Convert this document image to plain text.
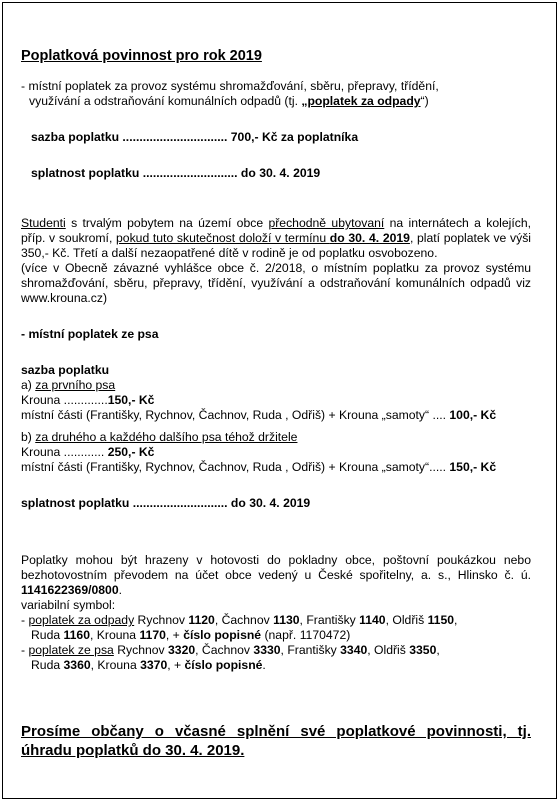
Poplatková povinnost pro rok 2019
- místní poplatek za provoz systému shromažďování, sběru, přepravy, třídění,
využívání a odstraňování komunálních odpadů (tj. „poplatek za odpady“)
sazba poplatku ............................... 700,- Kč za poplatníka
splatnost poplatku ............................ do 30. 4. 2019
Studenti s trvalým pobytem na území obce přechodně ubytovaní na internátech a kolejích, příp. v soukromí, pokud tuto skutečnost doloží v termínu do 30. 4. 2019, platí poplatek ve výši 350,- Kč. Třetí a další nezaopatřené dítě v rodině je od poplatku osvobozeno.
(více v Obecně závazné vyhlášce obce č. 2/2018, o místním poplatku za provoz systému shromažďování, sběru, přepravy, třídění, využívání a odstraňování komunálních odpadů viz www.krouna.cz)
- místní poplatek ze psa
sazba poplatku
a) za prvního psa
Krouna .............150,- Kč
místní části (Františky, Rychnov, Čachnov, Ruda , Odřiš) + Krouna „samoty“ .... 100,- Kč
b) za druhého a každého dalšího psa téhož držitele
Krouna ............ 250,- Kč
místní části (Františky, Rychnov, Čachnov, Ruda , Odřiš) + Krouna „samoty“..... 150,- Kč
splatnost poplatku ............................ do 30. 4. 2019
Poplatky mohou být hrazeny v hotovosti do pokladny obce, poštovní poukázkou nebo bezhotovostním převodem na účet obce vedený u České spořitelny, a. s., Hlinsko č. ú. 1141622369/0800.
variabilní symbol:
- poplatek za odpady Rychnov 1120, Čachnov 1130, Františky 1140, Oldřiš 1150,
Ruda 1160, Krouna 1170, + číslo popisné (např. 1170472)
- poplatek ze psa Rychnov 3320, Čachnov 3330, Františky 3340, Oldřiš 3350,
Ruda 3360, Krouna 3370, + číslo popisné.
Prosíme občany o včasné splnění své poplatkové povinnosti, tj. úhradu poplatků do 30. 4. 2019.
